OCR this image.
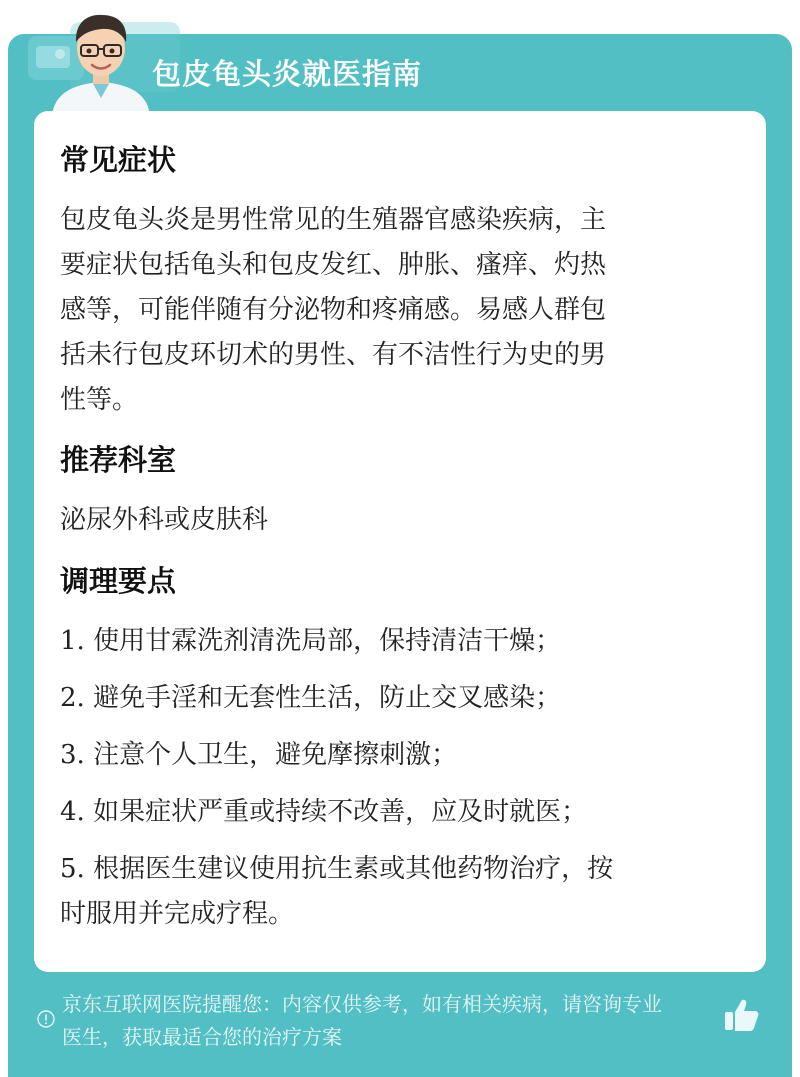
包皮龟头炎就医指南
常见症状
包皮龟头炎是男性常见的生殖器官感染疾病，主
要症状包括龟头和包皮发红、肿胀、瘙痒、灼热
感等，可能伴随有分泌物和疼痛感。易感人群包
括未行包皮环切术的男性、有不洁性行为史的男
性等。
推荐科室
泌尿外科或皮肤科
调理要点
1. 使用甘霖洗剂清洗局部，保持清洁干燥；
2. 避免手淫和无套性生活，防止交叉感染；
3. 注意个人卫生，避免摩擦刺激；
4. 如果症状严重或持续不改善，应及时就医；
5. 根据医生建议使用抗生素或其他药物治疗，按
时服用并完成疗程。
京东互联网医院提醒您：内容仅供参考，如有相关疾病，请咨询专业
医生，获取最适合您的治疗方案
